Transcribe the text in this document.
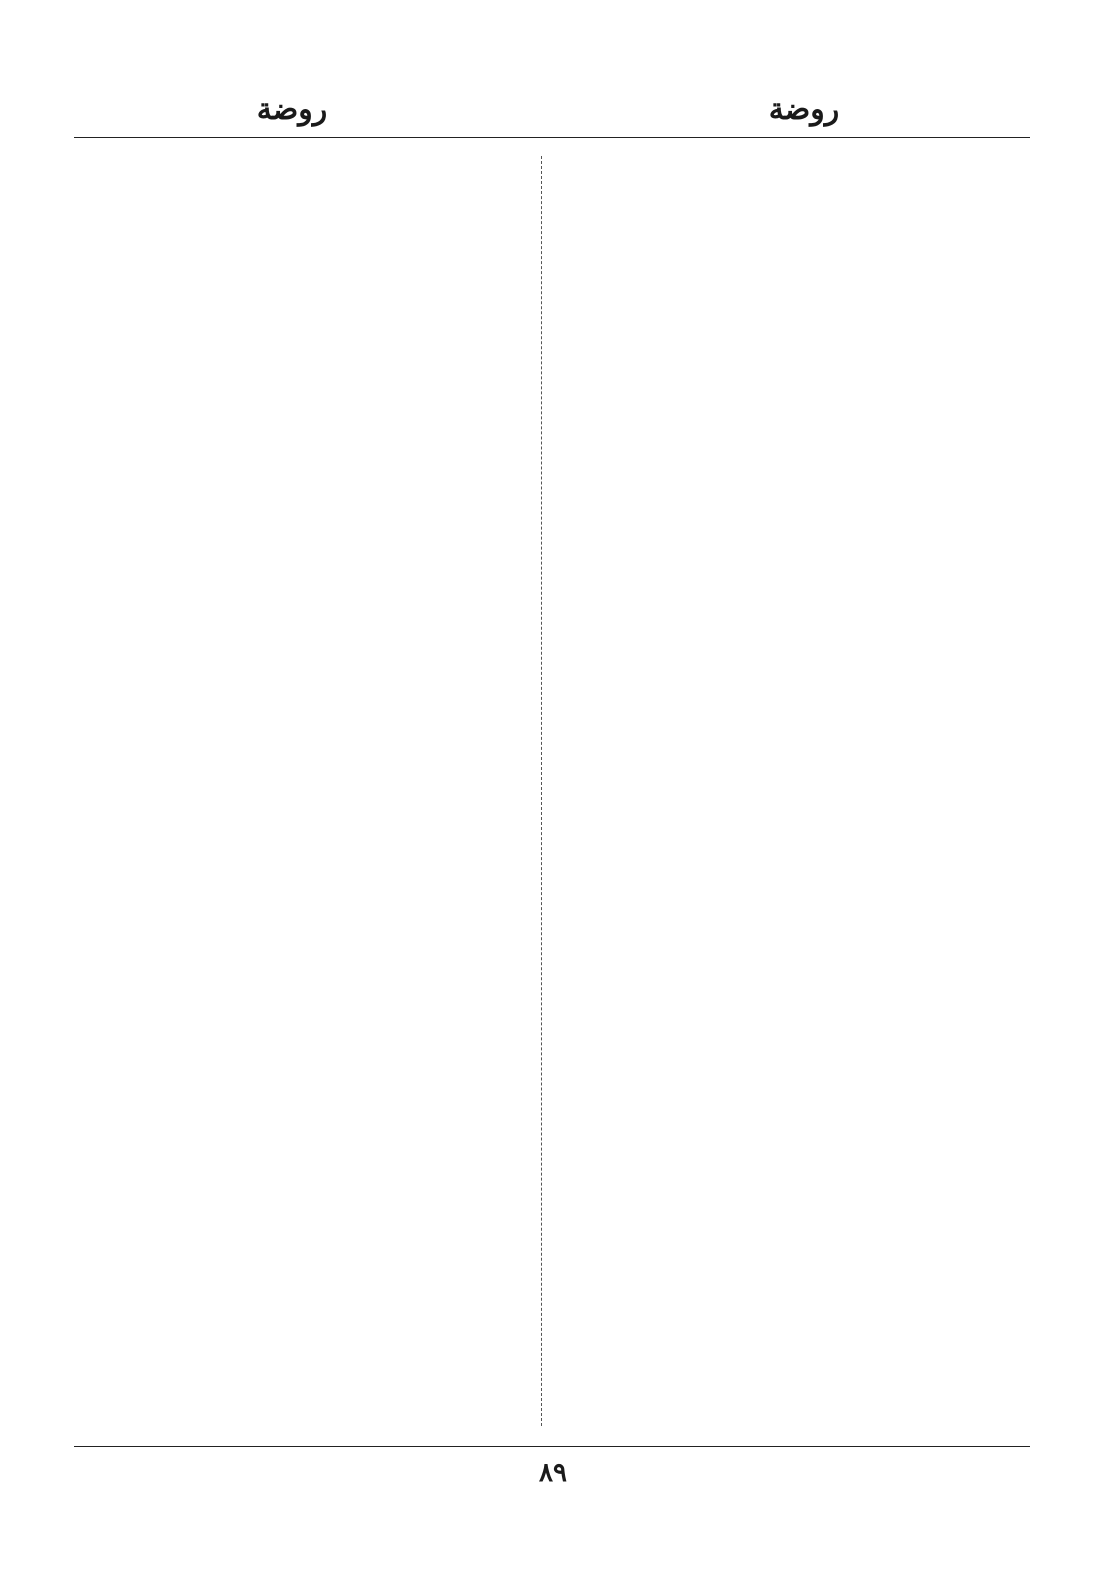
روضة	روضة
٨٩
